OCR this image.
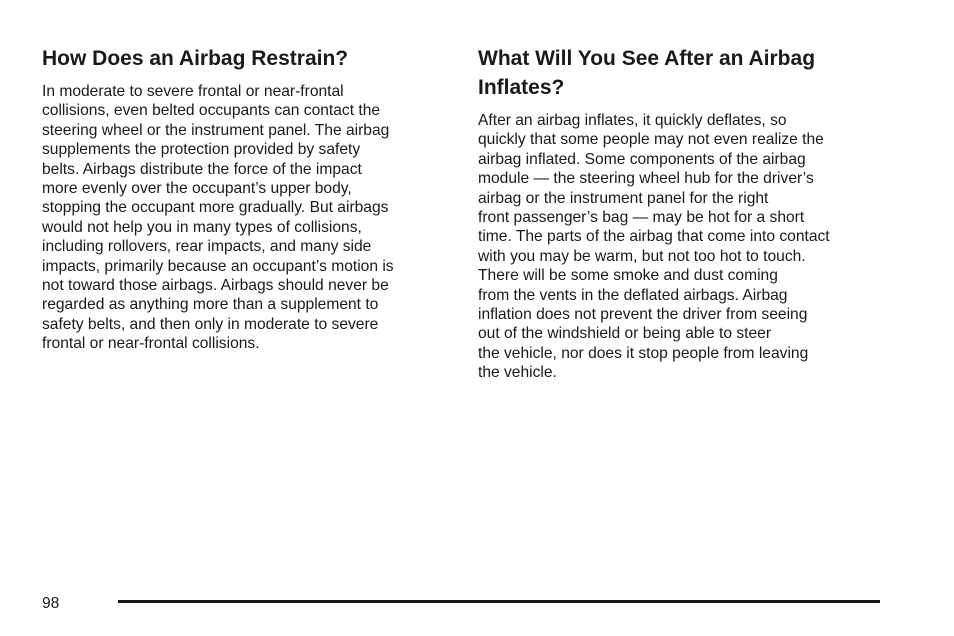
How Does an Airbag Restrain?
In moderate to severe frontal or near-frontal
collisions, even belted occupants can contact the
steering wheel or the instrument panel. The airbag
supplements the protection provided by safety
belts. Airbags distribute the force of the impact
more evenly over the occupant’s upper body,
stopping the occupant more gradually. But airbags
would not help you in many types of collisions,
including rollovers, rear impacts, and many side
impacts, primarily because an occupant’s motion is
not toward those airbags. Airbags should never be
regarded as anything more than a supplement to
safety belts, and then only in moderate to severe
frontal or near-frontal collisions.
What Will You See After an Airbag
Inflates?
After an airbag inflates, it quickly deflates, so
quickly that some people may not even realize the
airbag inflated. Some components of the airbag
module — the steering wheel hub for the driver’s
airbag or the instrument panel for the right
front passenger’s bag — may be hot for a short
time. The parts of the airbag that come into contact
with you may be warm, but not too hot to touch.
There will be some smoke and dust coming
from the vents in the deflated airbags. Airbag
inflation does not prevent the driver from seeing
out of the windshield or being able to steer
the vehicle, nor does it stop people from leaving
the vehicle.
98
